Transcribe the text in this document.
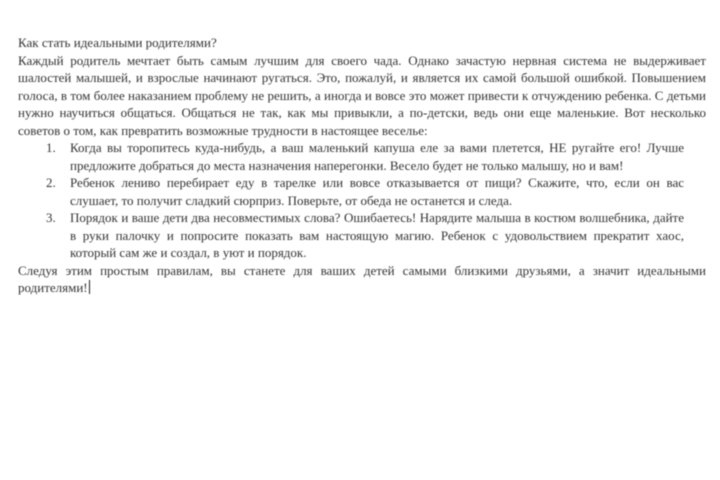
Как стать идеальными родителями?
Каждый родитель мечтает быть самым лучшим для своего чада. Однако зачастую нервная система не выдерживает шалостей малышей, и взрослые начинают ругаться. Это, пожалуй, и является их самой большой ошибкой. Повышением голоса, в том более наказанием проблему не решить, а иногда и вовсе это может привести к отчуждению ребенка. С детьми нужно научиться общаться. Общаться не так, как мы привыкли, а по-детски, ведь они еще маленькие. Вот несколько советов о том, как превратить возможные трудности в настоящее веселье:
1. Когда вы торопитесь куда-нибудь, а ваш маленький капуша еле за вами плетется, НЕ ругайте его! Лучше предложите добраться до места назначения наперегонки. Весело будет не только малышу, но и вам!
2. Ребенок лениво перебирает еду в тарелке или вовсе отказывается от пищи? Скажите, что, если он вас слушает, то получит сладкий сюрприз. Поверьте, от обеда не останется и следа.
3. Порядок и ваше дети два несовместимых слова? Ошибаетесь! Нарядите малыша в костюм волшебника, дайте в руки палочку и попросите показать вам настоящую магию. Ребенок с удовольствием прекратит хаос, который сам же и создал, в уют и порядок.
Следуя этим простым правилам, вы станете для ваших детей самыми близкими друзьями, а значит идеальными родителями!
